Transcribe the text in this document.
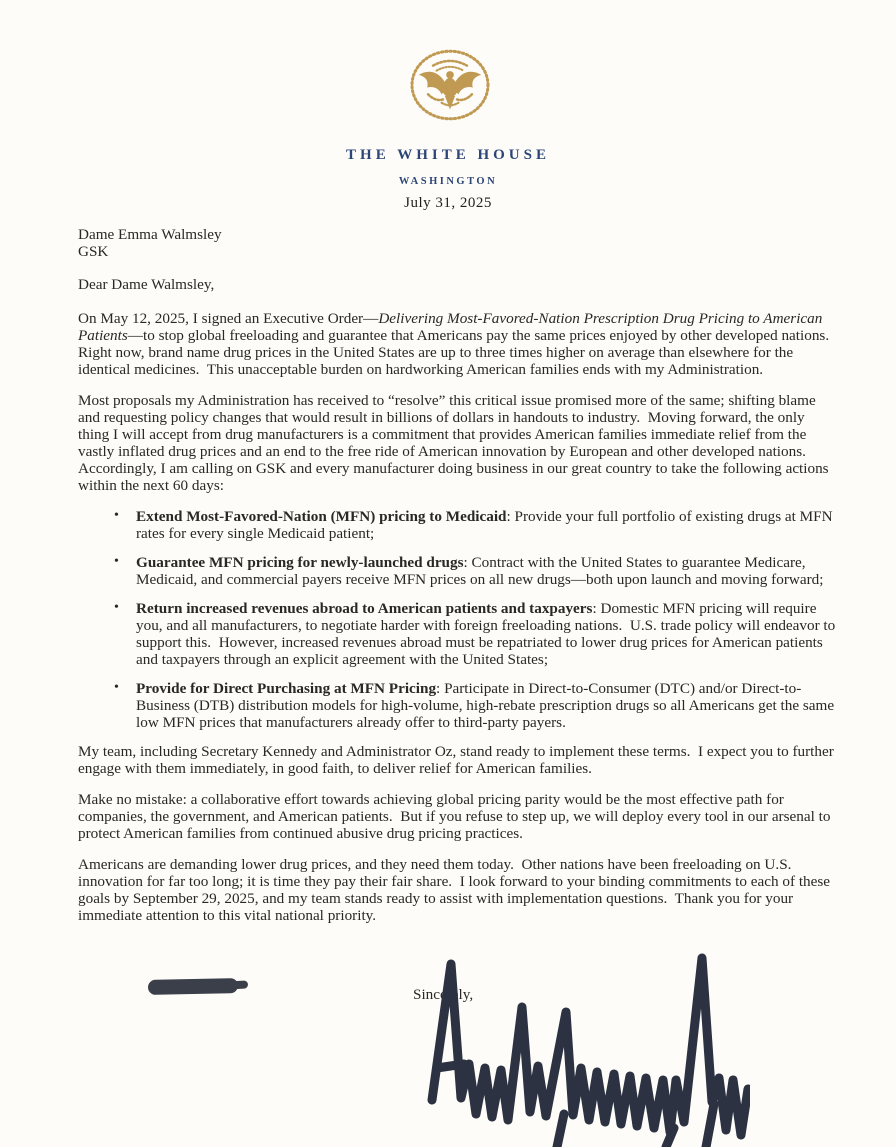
THE WHITE HOUSE
WASHINGTON
July 31, 2025
Dame Emma Walmsley
GSK
Dear Dame Walmsley,

On May 12, 2025, I signed an Executive Order—Delivering Most-Favored-Nation Prescription Drug Pricing to American Patients—to stop global freeloading and guarantee that Americans pay the same prices enjoyed by other developed nations.  Right now, brand name drug prices in the United States are up to three times higher on average than elsewhere for the identical medicines.  This unacceptable burden on hardworking American families ends with my Administration.

Most proposals my Administration has received to “resolve” this critical issue promised more of the same; shifting blame and requesting policy changes that would result in billions of dollars in handouts to industry.  Moving forward, the only thing I will accept from drug manufacturers is a commitment that provides American families immediate relief from the vastly inflated drug prices and an end to the free ride of American innovation by European and other developed nations.  Accordingly, I am calling on GSK and every manufacturer doing business in our great country to take the following actions within the next 60 days:

• Extend Most-Favored-Nation (MFN) pricing to Medicaid: Provide your full portfolio of existing drugs at MFN rates for every single Medicaid patient;
• Guarantee MFN pricing for newly-launched drugs: Contract with the United States to guarantee Medicare, Medicaid, and commercial payers receive MFN prices on all new drugs—both upon launch and moving forward;
• Return increased revenues abroad to American patients and taxpayers: Domestic MFN pricing will require you, and all manufacturers, to negotiate harder with foreign freeloading nations.  U.S. trade policy will endeavor to support this.  However, increased revenues abroad must be repatriated to lower drug prices for American patients and taxpayers through an explicit agreement with the United States;
• Provide for Direct Purchasing at MFN Pricing: Participate in Direct-to-Consumer (DTC) and/or Direct-to-Business (DTB) distribution models for high-volume, high-rebate prescription drugs so all Americans get the same low MFN prices that manufacturers already offer to third-party payers.

My team, including Secretary Kennedy and Administrator Oz, stand ready to implement these terms.  I expect you to further engage with them immediately, in good faith, to deliver relief for American families.

Make no mistake: a collaborative effort towards achieving global pricing parity would be the most effective path for companies, the government, and American patients.  But if you refuse to step up, we will deploy every tool in our arsenal to protect American families from continued abusive drug pricing practices.

Americans are demanding lower drug prices, and they need them today.  Other nations have been freeloading on U.S. innovation for far too long; it is time they pay their fair share.  I look forward to your binding commitments to each of these goals by September 29, 2025, and my team stands ready to assist with implementation questions.  Thank you for your immediate attention to this vital national priority.

Sincerely,
